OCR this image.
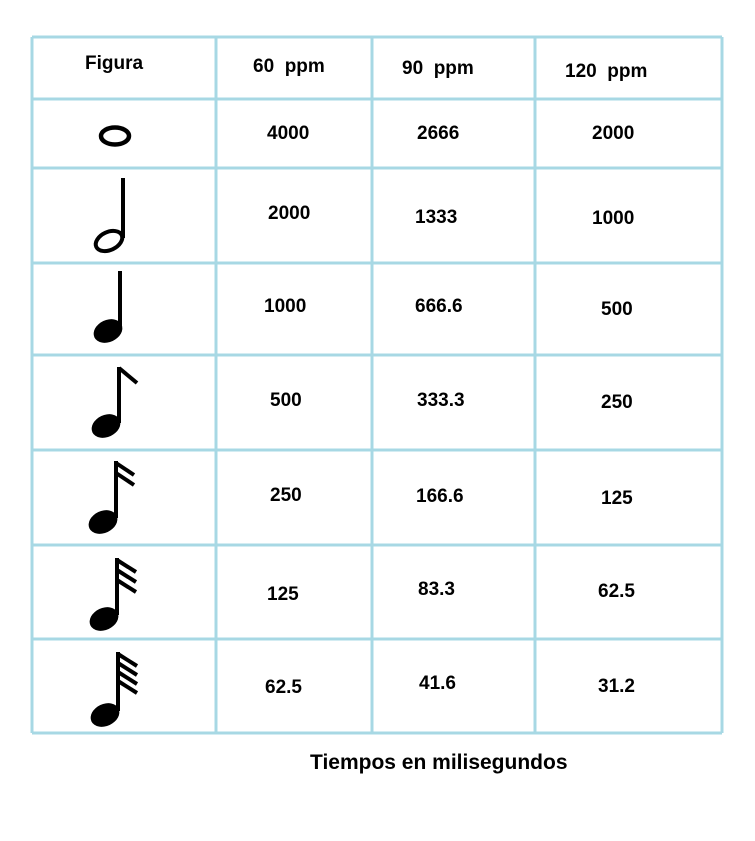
Figura	60  ppm	90  ppm	120  ppm
4000	2666	2000
2000	1333	1000
1000	666.6	500
500	333.3	250
250	166.6	125
125	83.3	62.5
62.5	41.6	31.2
Tiempos en milisegundos
